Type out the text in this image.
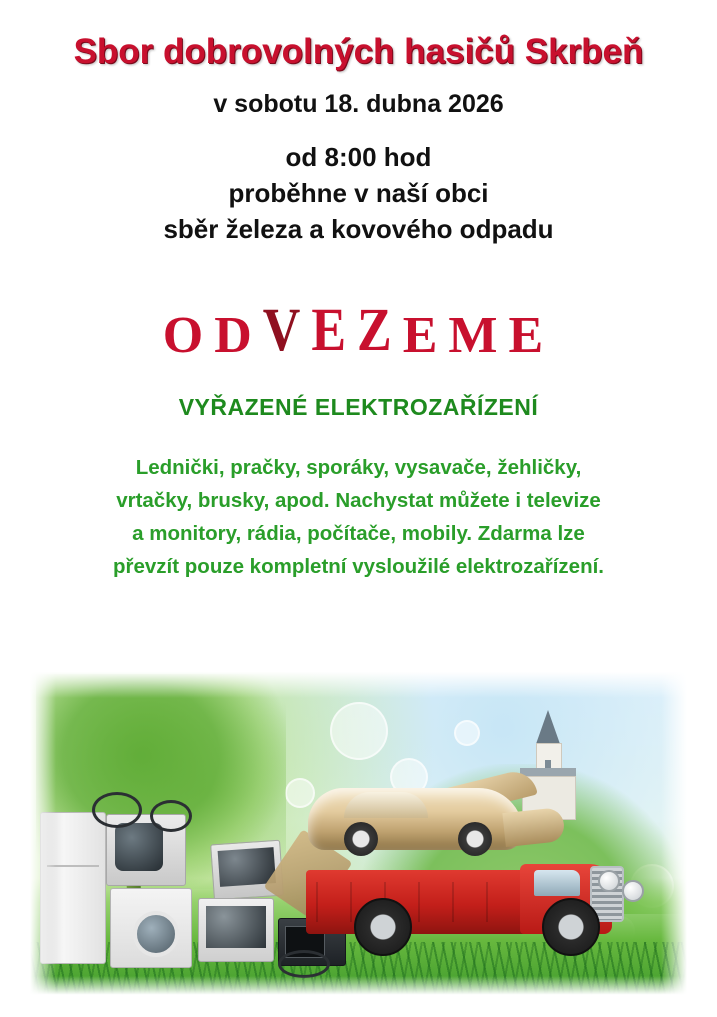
Sbor dobrovolných hasičů Skrbeň
v sobotu 18. dubna 2026
od 8:00 hod
proběhne v naší obci
sběr železa a kovového odpadu
ODVEZEME
VYŘAZENÉ ELEKTROZAŘÍZENÍ
Lednički, pračky, sporáky, vysavače, žehličky,
vrtačky, brusky, apod. Nachystat můžete i televize
a monitory, rádia, počítače, mobily. Zdarma lze
převzít pouze kompletní vysloužilé elektrozařízení.
